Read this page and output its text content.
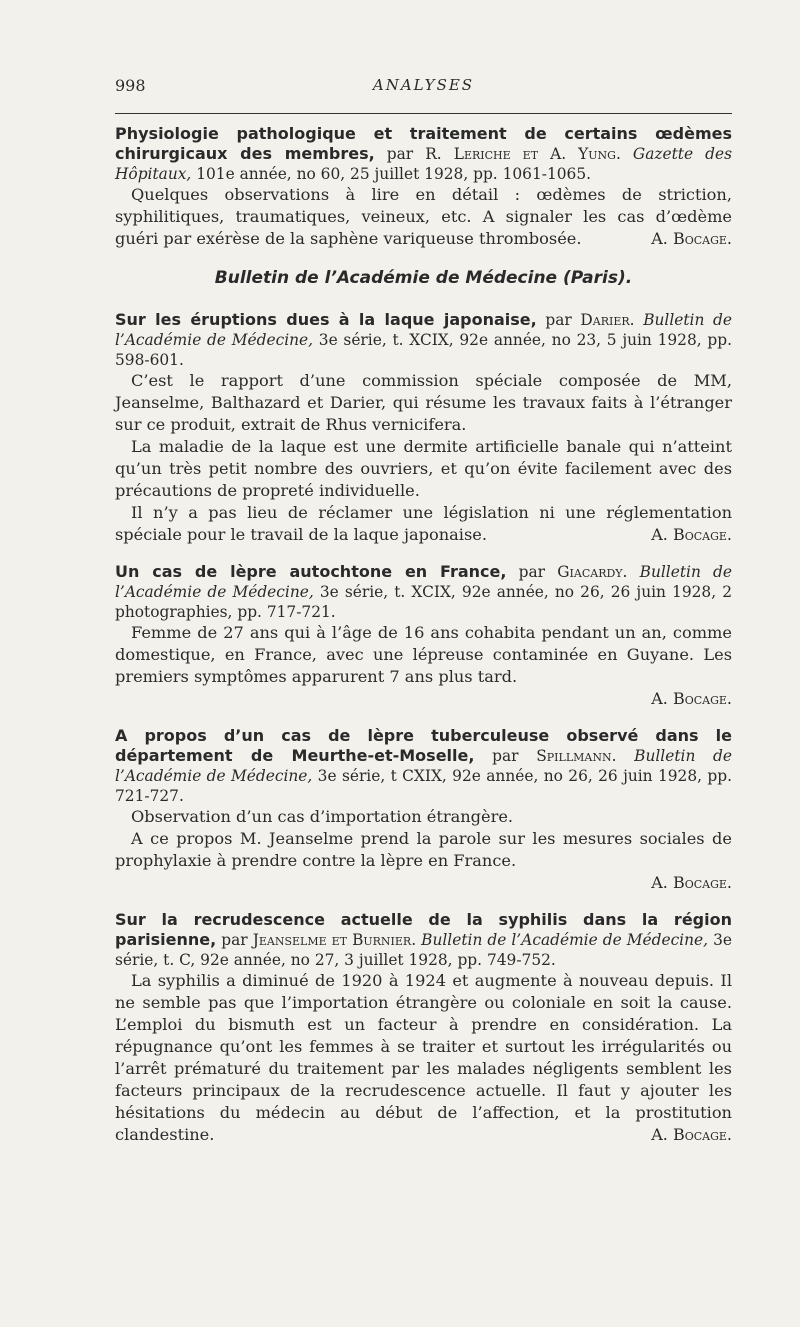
998	ANALYSES

Physiologie pathologique et traitement de certains œdèmes chirurgicaux des membres, par R. Leriche et A. Yung. Gazette des Hôpitaux, 101e année, no 60, 25 juillet 1928, pp. 1061-1065.

Quelques observations à lire en détail : œdèmes de striction, syphilitiques, traumatiques, veineux, etc. A signaler les cas d’œdème guéri par exérèse de la saphène variqueuse thrombosée.	A. Bocage.

Bulletin de l’Académie de Médecine (Paris).

Sur les éruptions dues à la laque japonaise, par Darier. Bulletin de l’Académie de Médecine, 3e série, t. XCIX, 92e année, no 23, 5 juin 1928, pp. 598-601.

C’est le rapport d’une commission spéciale composée de MM, Jeanselme, Balthazard et Darier, qui résume les travaux faits à l’étranger sur ce produit, extrait de Rhus vernicifera.

La maladie de la laque est une dermite artificielle banale qui n’atteint qu’un très petit nombre des ouvriers, et qu’on évite facilement avec des précautions de propreté individuelle.

Il n’y a pas lieu de réclamer une législation ni une réglementation spéciale pour le travail de la laque japonaise.	A. Bocage.

Un cas de lèpre autochtone en France, par Giacardy. Bulletin de l’Académie de Médecine, 3e série, t. XCIX, 92e année, no 26, 26 juin 1928, 2 photographies, pp. 717-721.

Femme de 27 ans qui à l’âge de 16 ans cohabita pendant un an, comme domestique, en France, avec une lépreuse contaminée en Guyane. Les premiers symptômes apparurent 7 ans plus tard.

A. Bocage.

A propos d’un cas de lèpre tuberculeuse observé dans le département de Meurthe-et-Moselle, par Spillmann. Bulletin de l’Académie de Médecine, 3e série, t CXIX, 92e année, no 26, 26 juin 1928, pp. 721-727.

Observation d’un cas d’importation étrangère.

A ce propos M. Jeanselme prend la parole sur les mesures sociales de prophylaxie à prendre contre la lèpre en France.

A. Bocage.

Sur la recrudescence actuelle de la syphilis dans la région parisienne, par Jeanselme et Burnier. Bulletin de l’Académie de Médecine, 3e série, t. C, 92e année, no 27, 3 juillet 1928, pp. 749-752.

La syphilis a diminué de 1920 à 1924 et augmente à nouveau depuis. Il ne semble pas que l’importation étrangère ou coloniale en soit la cause. L’emploi du bismuth est un facteur à prendre en considération. La répugnance qu’ont les femmes à se traiter et surtout les irrégularités ou l’arrêt prématuré du traitement par les malades négligents semblent les facteurs principaux de la recrudescence actuelle. Il faut y ajouter les hésitations du médecin au début de l’affection, et la prostitution clandestine.	A. Bocage.
